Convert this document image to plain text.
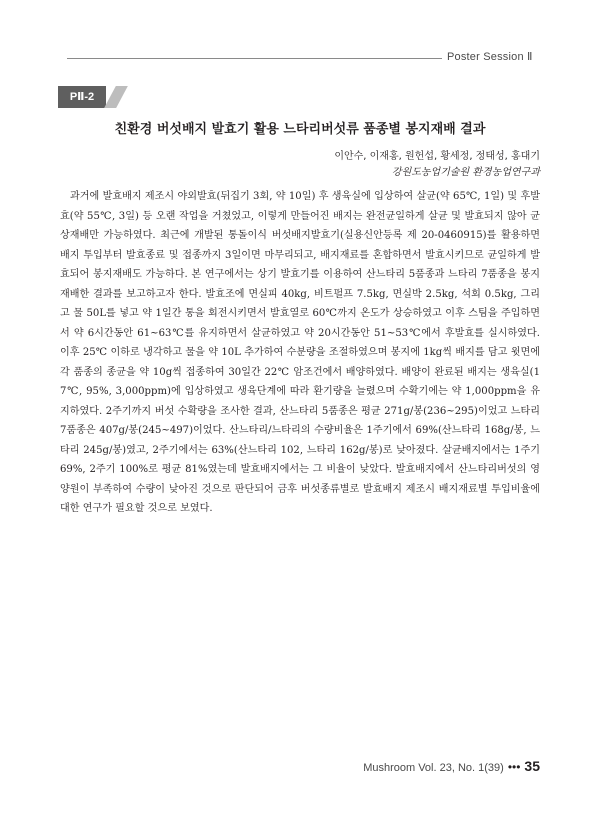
Poster Session Ⅱ
PⅡ-2
친환경 버섯배지 발효기 활용 느타리버섯류 품종별 봉지재배 결과
이안수, 이재홍, 원헌섭, 황세정, 정태성, 홍대기
강원도농업기술원 환경농업연구과
과거에 발효배지 제조시 야외발효(뒤집기 3회, 약 10일) 후 생육실에 입상하여 살균(약 65℃, 1일) 및 후발효(약 55℃, 3일) 등 오랜 작업을 거쳤었고, 이렇게 만들어진 배지는 완전균일하게 살균 및 발효되지 않아 균상재배만 가능하였다. 최근에 개발된 통돌이식 버섯배지발효기(실용신안등록 제 20-0460915)를 활용하면 배지 투입부터 발효종료 및 접종까지 3일이면 마무리되고, 배지재료를 혼합하면서 발효시키므로 균일하게 발효되어 봉지재배도 가능하다. 본 연구에서는 상기 발효기를 이용하여 산느타리 5품종과 느타리 7품종을 봉지재배한 결과를 보고하고자 한다. 발효조에 면실피 40kg, 비트펄프 7.5kg, 면실박 2.5kg, 석회 0.5kg, 그리고 물 50L를 넣고 약 1일간 통을 회전시키면서 발효열로 60℃까지 온도가 상승하였고 이후 스팀을 주입하면서 약 6시간동안 61~63℃를 유지하면서 살균하였고 약 20시간동안 51~53℃에서 후발효를 실시하였다. 이후 25℃ 이하로 냉각하고 물을 약 10L 추가하여 수분량을 조절하였으며 봉지에 1kg씩 배지를 담고 윗면에 각 품종의 종균을 약 10g씩 접종하여 30일간 22℃ 암조건에서 배양하였다. 배양이 완료된 배지는 생육실(17℃, 95%, 3,000ppm)에 입상하였고 생육단계에 따라 환기량을 늘렸으며 수확기에는 약 1,000ppm을 유지하였다. 2주기까지 버섯 수확량을 조사한 결과, 산느타리 5품종은 평균 271g/봉(236~295)이었고 느타리 7품종은 407g/봉(245~497)이었다. 산느타리/느타리의 수량비율은 1주기에서 69%(산느타리 168g/봉, 느타리 245g/봉)였고, 2주기에서는 63%(산느타리 102, 느타리 162g/봉)로 낮아졌다. 살균배지에서는 1주기 69%, 2주기 100%로 평균 81%였는데 발효배지에서는 그 비율이 낮았다. 발효배지에서 산느타리버섯의 영양원이 부족하여 수량이 낮아진 것으로 판단되어 금후 버섯종류별로 발효배지 제조시 배지재료별 투입비율에 대한 연구가 필요할 것으로 보였다.
Mushroom Vol. 23, No. 1(39) ••• 35
